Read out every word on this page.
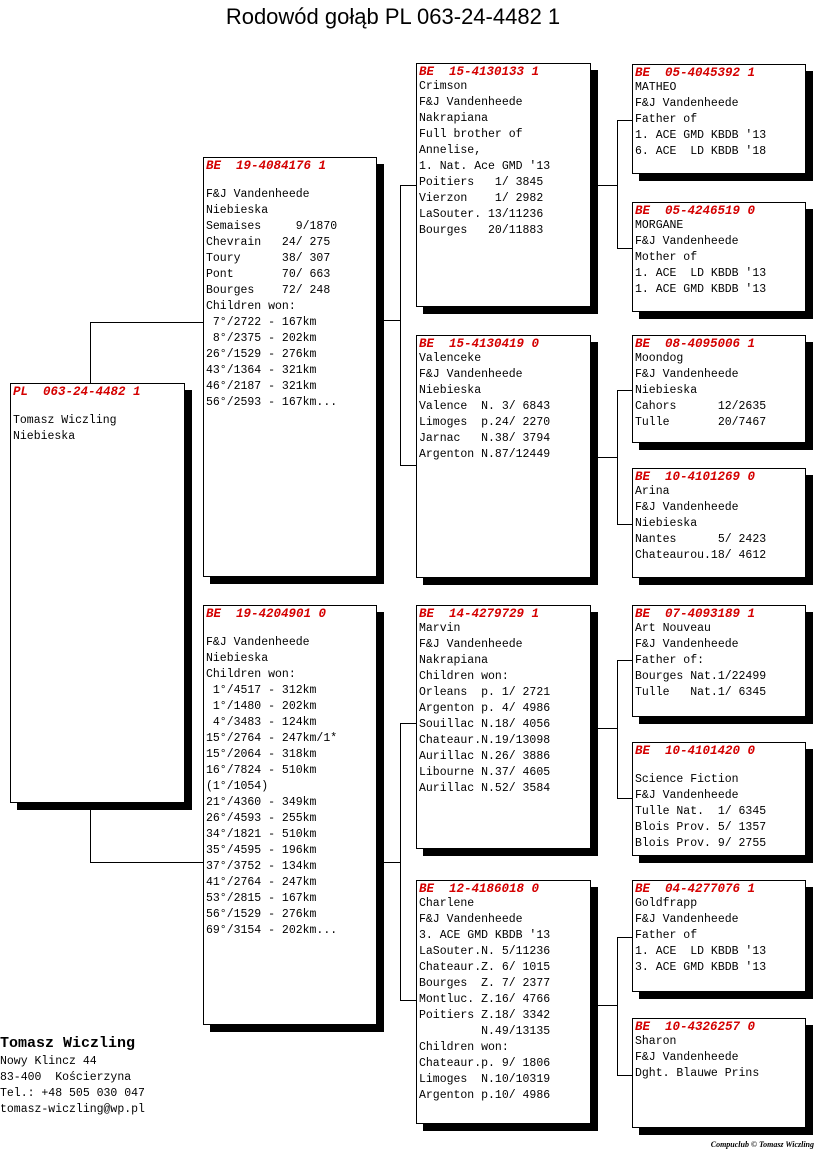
Rodowód gołąb PL 063-24-4482 1
PL  063-24-4482 1
Tomasz Wiczling
Niebieska
BE  19-4084176 1
F&J Vandenheede
Niebieska
Semaises     9/1870
Chevrain   24/ 275
Toury      38/ 307
Pont       70/ 663
Bourges    72/ 248
Children won:
7°/2722 - 167km
8°/2375 - 202km
26°/1529 - 276km
43°/1364 - 321km
46°/2187 - 321km
56°/2593 - 167km...
BE  19-4204901 0
F&J Vandenheede
Niebieska
Children won:
1°/4517 - 312km
1°/1480 - 202km
4°/3483 - 124km
15°/2764 - 247km/1*
15°/2064 - 318km
16°/7824 - 510km
(1°/1054)
21°/4360 - 349km
26°/4593 - 255km
34°/1821 - 510km
35°/4595 - 196km
37°/3752 - 134km
41°/2764 - 247km
53°/2815 - 167km
56°/1529 - 276km
69°/3154 - 202km...
BE  15-4130133 1
Crimson
F&J Vandenheede
Nakrapiana
Full brother of
Annelise,
1. Nat. Ace GMD '13
Poitiers   1/ 3845
Vierzon    1/ 2982
LaSouter. 13/11236
Bourges   20/11883
BE  15-4130419 0
Valenceke
F&J Vandenheede
Niebieska
Valence  N. 3/ 6843
Limoges  p.24/ 2270
Jarnac   N.38/ 3794
Argenton N.87/12449
BE  14-4279729 1
Marvin
F&J Vandenheede
Nakrapiana
Children won:
Orleans  p. 1/ 2721
Argenton p. 4/ 4986
Souillac N.18/ 4056
Chateaur.N.19/13098
Aurillac N.26/ 3886
Libourne N.37/ 4605
Aurillac N.52/ 3584
BE  12-4186018 0
Charlene
F&J Vandenheede
3. ACE GMD KBDB '13
LaSouter.N. 5/11236
Chateaur.Z. 6/ 1015
Bourges  Z. 7/ 2377
Montluc. Z.16/ 4766
Poitiers Z.18/ 3342
N.49/13135
Children won:
Chateaur.p. 9/ 1806
Limoges  N.10/10319
Argenton p.10/ 4986
BE  05-4045392 1
MATHEO
F&J Vandenheede
Father of
1. ACE GMD KBDB '13
6. ACE  LD KBDB '18
BE  05-4246519 0
MORGANE
F&J Vandenheede
Mother of
1. ACE  LD KBDB '13
1. ACE GMD KBDB '13
BE  08-4095006 1
Moondog
F&J Vandenheede
Niebieska
Cahors      12/2635
Tulle       20/7467
BE  10-4101269 0
Arina
F&J Vandenheede
Niebieska
Nantes      5/ 2423
Chateaurou.18/ 4612
BE  07-4093189 1
Art Nouveau
F&J Vandenheede
Father of:
Bourges Nat.1/22499
Tulle   Nat.1/ 6345
BE  10-4101420 0
Science Fiction
F&J Vandenheede
Tulle Nat.  1/ 6345
Blois Prov. 5/ 1357
Blois Prov. 9/ 2755
BE  04-4277076 1
Goldfrapp
F&J Vandenheede
Father of
1. ACE  LD KBDB '13
3. ACE GMD KBDB '13
BE  10-4326257 0
Sharon
F&J Vandenheede
Dght. Blauwe Prins
Tomasz Wiczling
Nowy Klincz 44
83-400  Kościerzyna
Tel.: +48 505 030 047
tomasz-wiczling@wp.pl
Compuclub © Tomasz Wiczling
